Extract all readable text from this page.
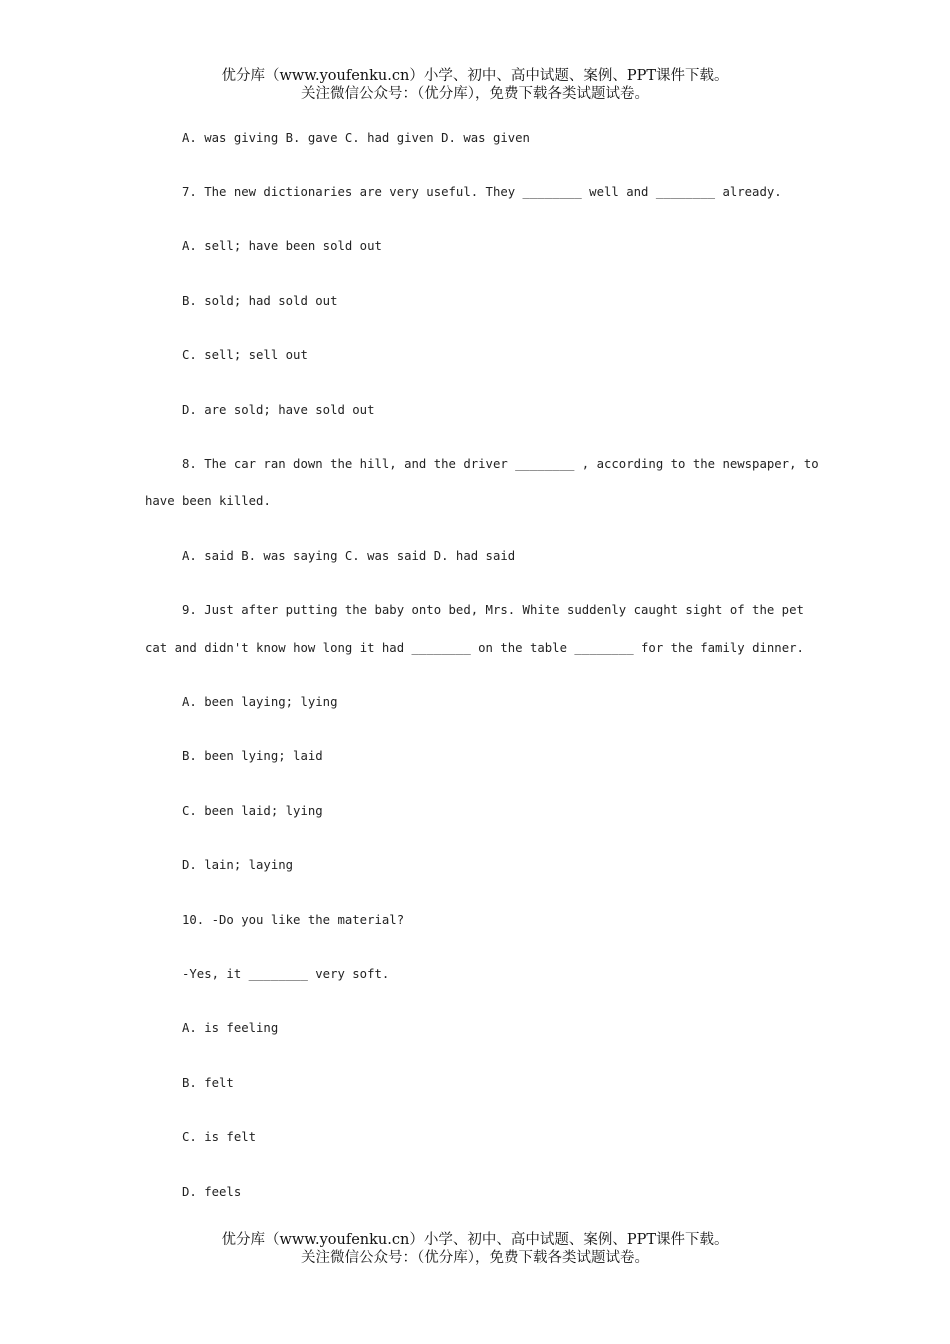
优分库（www.youfenku.cn）小学、初中、高中试题、案例、PPT课件下载。
关注微信公众号：（优分库），免费下载各类试题试卷。
A. was giving B. gave C. had given D. was given
7. The new dictionaries are very useful. They ________ well and ________ already.
A. sell; have been sold out
B. sold; had sold out
C. sell; sell out
D. are sold; have sold out
8. The car ran down the hill, and the driver ________ , according to the newspaper, to
have been killed.
A. said B. was saying C. was said D. had said
9. Just after putting the baby onto bed, Mrs. White suddenly caught sight of the pet
cat and didn't know how long it had ________ on the table ________ for the family dinner.
A. been laying; lying
B. been lying; laid
C. been laid; lying
D. lain; laying
10. -Do you like the material?
-Yes, it ________ very soft.
A. is feeling
B. felt
C. is felt
D. feels
优分库（www.youfenku.cn）小学、初中、高中试题、案例、PPT课件下载。
关注微信公众号：（优分库），免费下载各类试题试卷。
